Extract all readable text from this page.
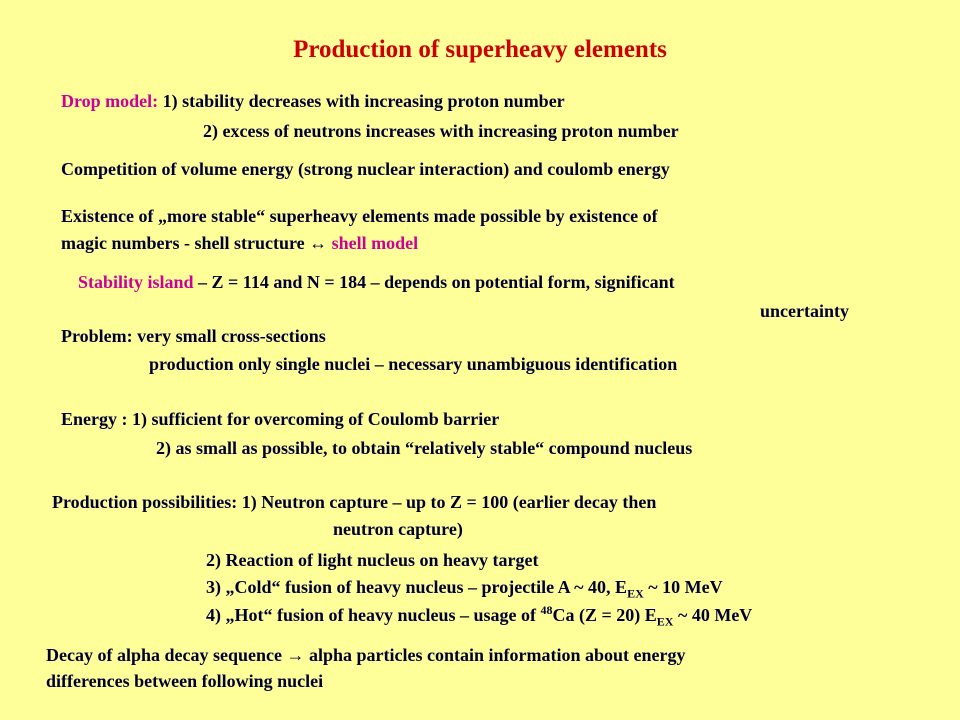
Production of superheavy elements
Drop model: 1) stability decreases with increasing proton number
2) excess of neutrons increases with increasing proton number
Competition of volume energy (strong nuclear interaction) and coulomb energy
Existence of „more stable“ superheavy elements made possible by existence of
magic numbers - shell structure ↔ shell model
Stability island – Z = 114 and N = 184 – depends on potential form, significant
uncertainty
Problem: very small cross-sections
production only single nuclei – necessary unambiguous identification
Energy : 1) sufficient for overcoming of Coulomb barrier
2) as small as possible, to obtain “relatively stable“ compound nucleus
Production possibilities: 1) Neutron capture – up to Z = 100 (earlier decay then
neutron capture)
2) Reaction of light nucleus on heavy target
3) „Cold“ fusion of heavy nucleus – projectile A ~ 40, $E_{EX}$ ~ 10 MeV
4) „Hot“ fusion of heavy nucleus – usage of $^{48}$Ca (Z = 20) $E_{EX}$ ~ 40 MeV
Decay of alpha decay sequence → alpha particles contain information about energy
differences between following nuclei
